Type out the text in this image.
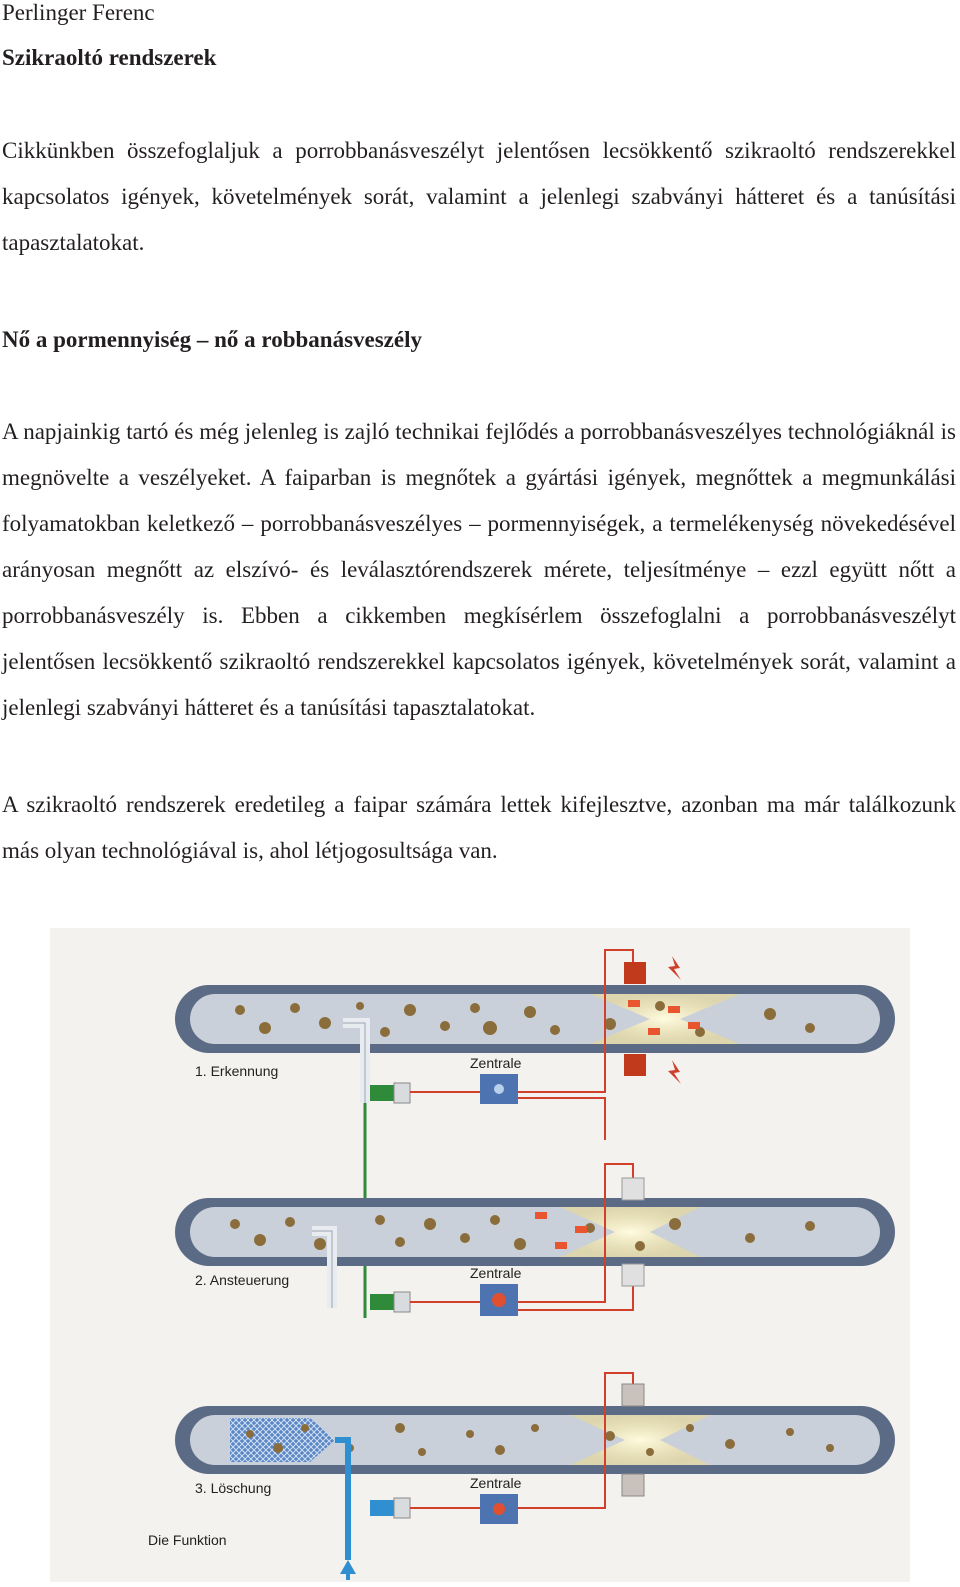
Perlinger Ferenc
Szikraoltó rendszerek

Cikkünkben összefoglaljuk a porrobbanásveszélyt jelentősen lecsökkentő szikraoltó rendszerekkel kapcsolatos igények, követelmények sorát, valamint a jelenlegi szabványi hátteret és a tanúsítási tapasztalatokat.

Nő a pormennyiség – nő a robbanásveszély

A napjainkig tartó és még jelenleg is zajló technikai fejlődés a porrobbanásveszélyes technológiáknál is megnövelte a veszélyeket. A faiparban is megnőtek a gyártási igények, megnőttek a megmunkálási folyamatokban keletkező – porrobbanásveszélyes – pormennyiségek, a termelékenység növekedésével arányosan megnőtt az elszívó- és leválasztórendszerek mérete, teljesítménye – ezzl együtt nőtt a porrobbanásveszély is. Ebben a cikkemben megkísérlem összefoglalni a porrobbanásveszélyt jelentősen lecsökkentő szikraoltó rendszerekkel kapcsolatos igények, követelmények sorát, valamint a jelenlegi szabványi hátteret és a tanúsítási tapasztalatokat.

A szikraoltó rendszerek eredetileg a faipar számára lettek kifejlesztve, azonban ma már találkozunk más olyan technológiával is, ahol létjogosultsága van.

Zentrale
1. Erkennung
Zentrale
2. Ansteuerung
Zentrale
3. Löschung
Die Funktion
